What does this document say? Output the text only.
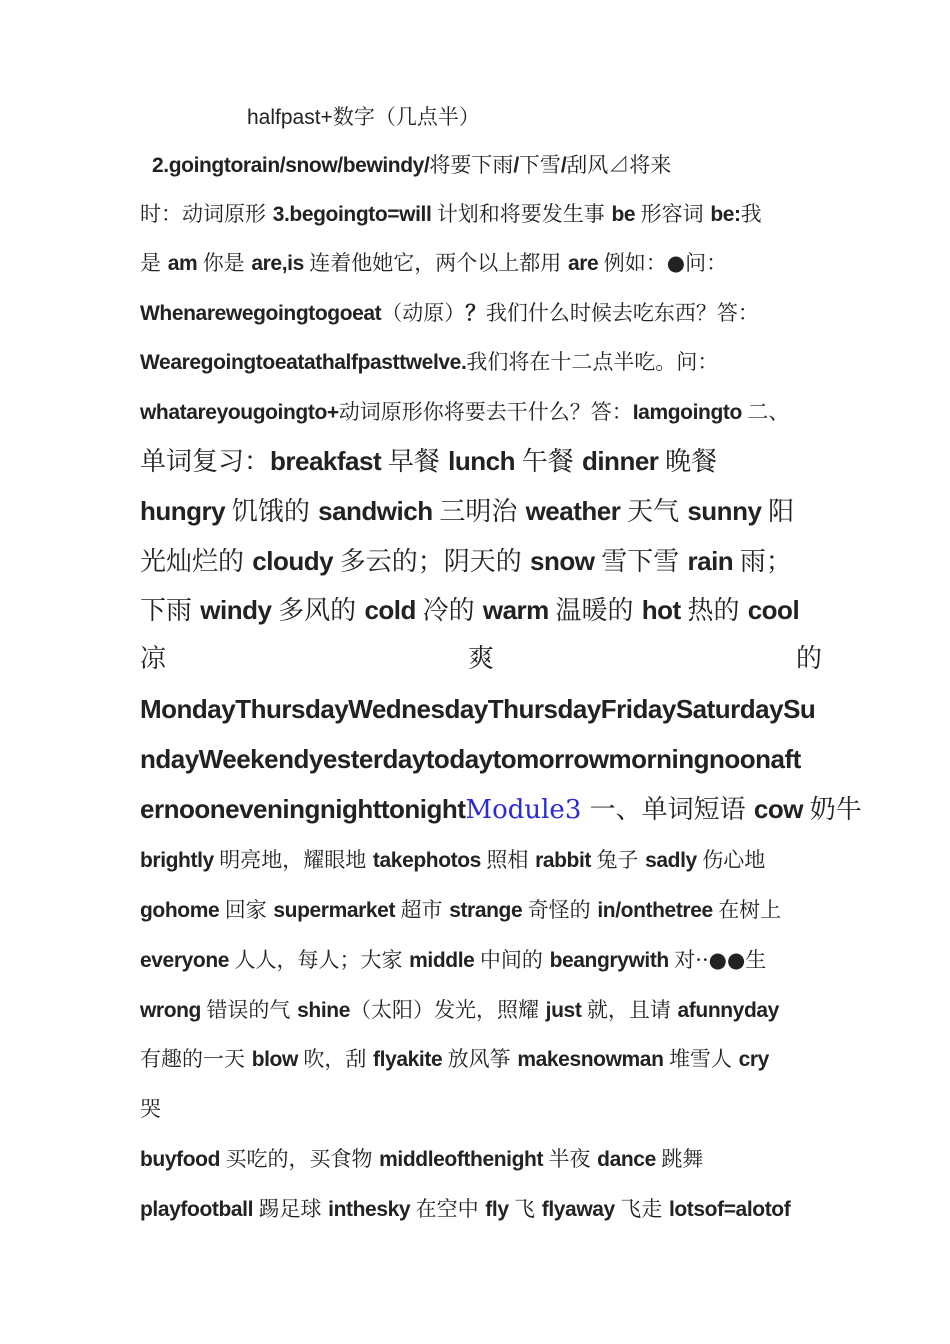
halfpast+数字（几点半）
2.goingtorain/snow/bewindy/将要下雨/下雪/刮风⊿将来
时：动词原形 3.begoingto=will 计划和将要发生事 be 形容词 be:我
是 am 你是 are,is 连着他她它，两个以上都用 are 例如：●问：
Whenarewegoingtogoeat（动原）？我们什么时候去吃东西？答：
Wearegoingtoeatathalfpasttwelve.我们将在十二点半吃。问：
whatareyougoingto+动词原形你将要去干什么？答：Iamgoingto 二、
单词复习：breakfast 早餐 lunch 午餐 dinner 晚餐
hungry 饥饿的 sandwich 三明治 weather 天气 sunny 阳
光灿烂的 cloudy 多云的；阴天的 snow 雪下雪 rain 雨；
下雨 windy 多风的 cold 冷的 warm 温暖的 hot 热的 cool
凉	爽	的
MondayThursdayWednesdayThursdayFridaySaturdaySu
ndayWeekendyesterdaytodaytomorrowmorningnoonaft
ernooneveningnighttonightModule3 一、单词短语 cow 奶牛
brightly 明亮地，耀眼地 takephotos 照相 rabbit 兔子 sadly 伤心地
gohome 回家 supermarket 超市 strange 奇怪的 in/onthetree 在树上
everyone 人人，每人；大家 middle 中间的 beangrywith 对··●●生
wrong 错误的气 shine（太阳）发光，照耀 just 就，且请 afunnyday
有趣的一天 blow 吹，刮 flyakite 放风筝 makesnowman 堆雪人 cry
哭
buyfood 买吃的，买食物 middleofthenight 半夜 dance 跳舞
playfootball 踢足球 inthesky 在空中 fly 飞 flyaway 飞走 lotsof=alotof
